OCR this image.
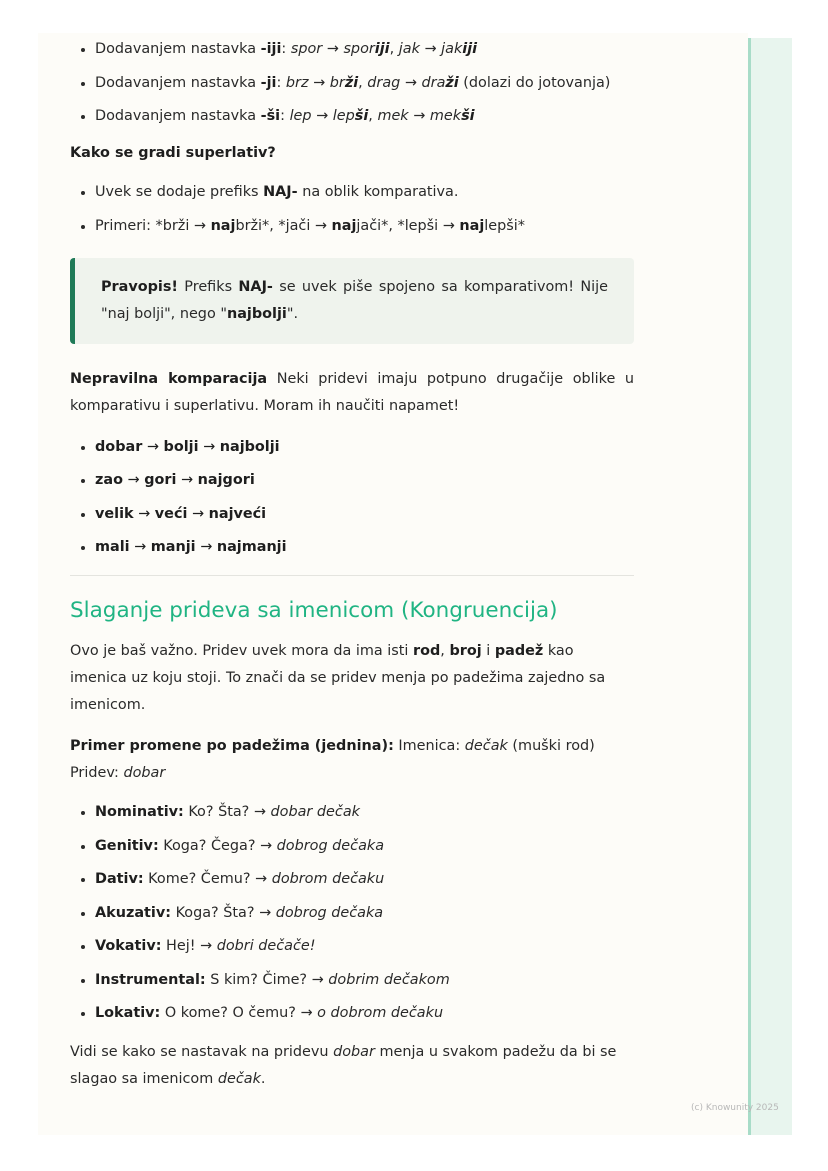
• Dodavanjem nastavka -iji: spor → sporiji, jak → jakiji
• Dodavanjem nastavka -ji: brz → brži, drag → draži (dolazi do jotovanja)
• Dodavanjem nastavka -ši: lep → lepši, mek → mekši

Kako se gradi superlativ?

• Uvek se dodaje prefiks NAJ- na oblik komparativa.
• Primeri: *brži → najbrži*, *jači → najjači*, *lepši → najlepši*
Pravopis! Prefiks NAJ- se uvek piše spojeno sa komparativom! Nije "naj bolji", nego "najbolji".

Nepravilna komparacija Neki pridevi imaju potpuno drugačije oblike u komparativu i superlativu. Moram ih naučiti napamet!

• dobar → bolji → najbolji
• zao → gori → najgori
• velik → veći → najveći
• mali → manji → najmanji
Slaganje prideva sa imenicom (Kongruencija)

Ovo je baš važno. Pridev uvek mora da ima isti rod, broj i padež kao imenica uz koju stoji. To znači da se pridev menja po padežima zajedno sa imenicom.

Primer promene po padežima (jednina): Imenica: dečak (muški rod) Pridev: dobar

• Nominativ: Ko? Šta? → dobar dečak
• Genitiv: Koga? Čega? → dobrog dečaka
• Dativ: Kome? Čemu? → dobrom dečaku
• Akuzativ: Koga? Šta? → dobrog dečaka
• Vokativ: Hej! → dobri dečače!
• Instrumental: S kim? Čime? → dobrim dečakom
• Lokativ: O kome? O čemu? → o dobrom dečaku

Vidi se kako se nastavak na pridevu dobar menja u svakom padežu da bi se slagao sa imenicom dečak.

(c) Knowunity 2025
